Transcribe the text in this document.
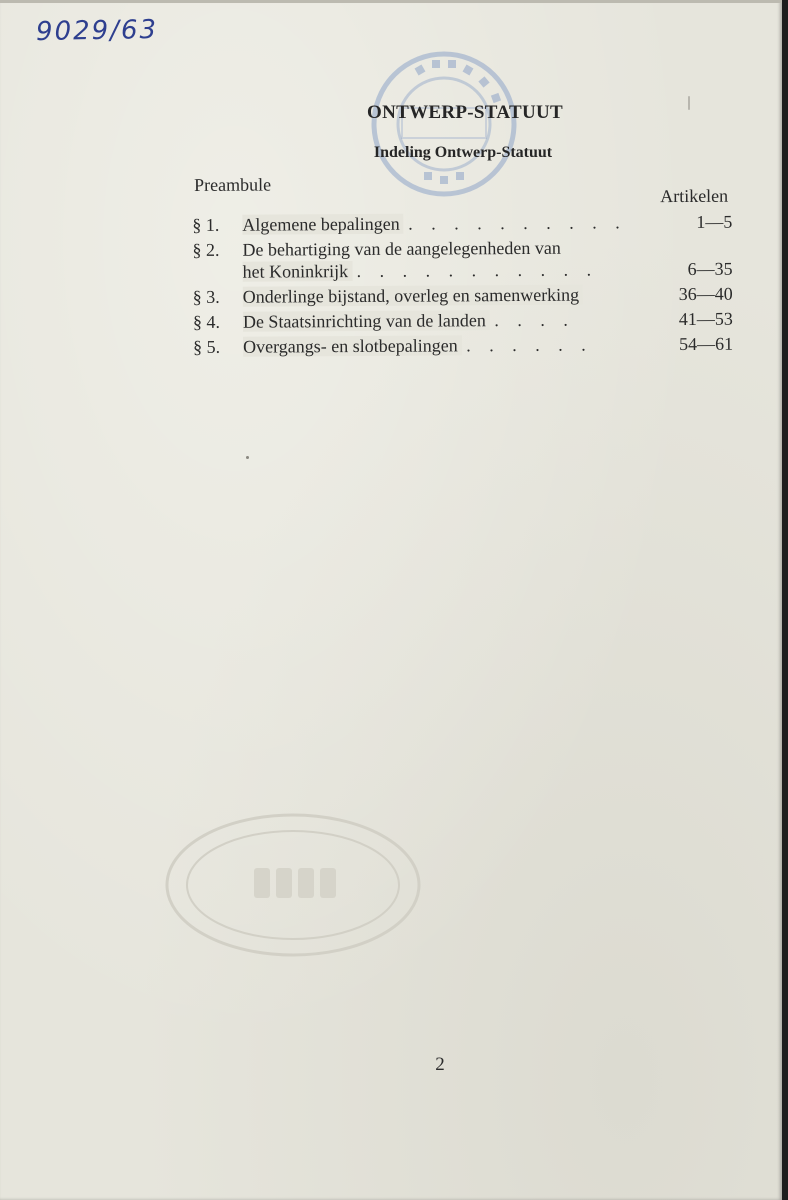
9029/63
ONTWERP-STATUUT
Indeling Ontwerp-Statuut
Preambule
Artikelen
§ 1.	Algemene bepalingen . . . . . . . . . .	1—5
§ 2.	De behartiging van de aangelegenheden van
het Koninkrijk . . . . . . . . . . .	6—35
§ 3.	Onderlinge bijstand, overleg en samenwerking	36—40
§ 4.	De Staatsinrichting van de landen . . . .	41—53
§ 5.	Overgangs- en slotbepalingen . . . . . .	54—61
2
